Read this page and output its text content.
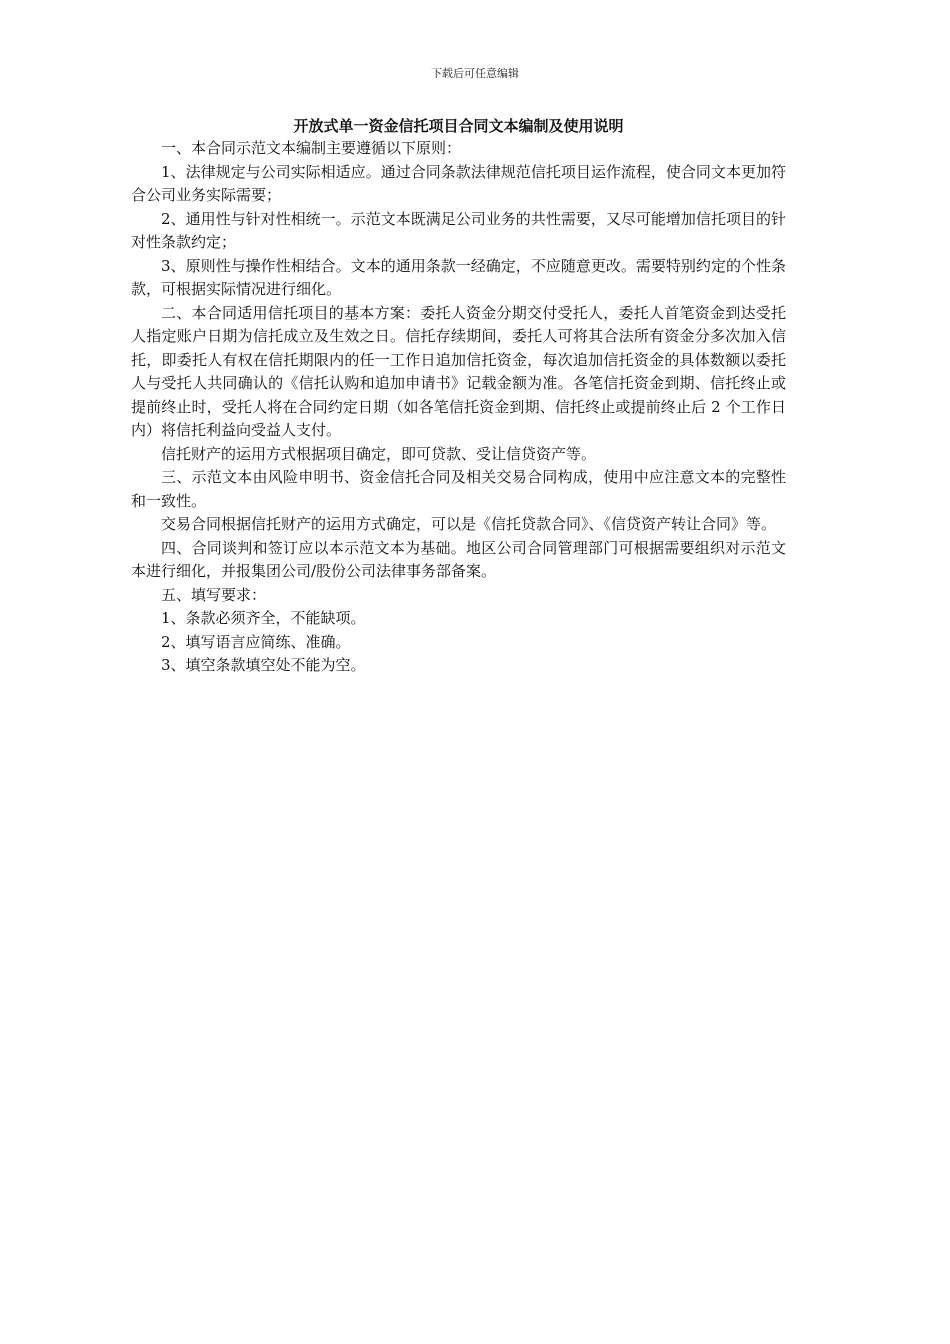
下载后可任意编辑
开放式单一资金信托项目合同文本编制及使用说明

一、本合同示范文本编制主要遵循以下原则：

1、法律规定与公司实际相适应。通过合同条款法律规范信托项目运作流程，使合同文本更加符合公司业务实际需要；

2、通用性与针对性相统一。示范文本既满足公司业务的共性需要，又尽可能增加信托项目的针对性条款约定；

3、原则性与操作性相结合。文本的通用条款一经确定，不应随意更改。需要特别约定的个性条款，可根据实际情况进行细化。

二、本合同适用信托项目的基本方案：委托人资金分期交付受托人，委托人首笔资金到达受托人指定账户日期为信托成立及生效之日。信托存续期间，委托人可将其合法所有资金分多次加入信托，即委托人有权在信托期限内的任一工作日追加信托资金，每次追加信托资金的具体数额以委托人与受托人共同确认的《信托认购和追加申请书》记载金额为准。各笔信托资金到期、信托终止或提前终止时，受托人将在合同约定日期（如各笔信托资金到期、信托终止或提前终止后 2 个工作日内）将信托利益向受益人支付。

信托财产的运用方式根据项目确定，即可贷款、受让信贷资产等。

三、示范文本由风险申明书、资金信托合同及相关交易合同构成，使用中应注意文本的完整性和一致性。

交易合同根据信托财产的运用方式确定，可以是《信托贷款合同》、《信贷资产转让合同》等。

四、合同谈判和签订应以本示范文本为基础。地区公司合同管理部门可根据需要组织对示范文本进行细化，并报集团公司/股份公司法律事务部备案。

五、填写要求：

1、条款必须齐全，不能缺项。

2、填写语言应简练、准确。

3、填空条款填空处不能为空。
